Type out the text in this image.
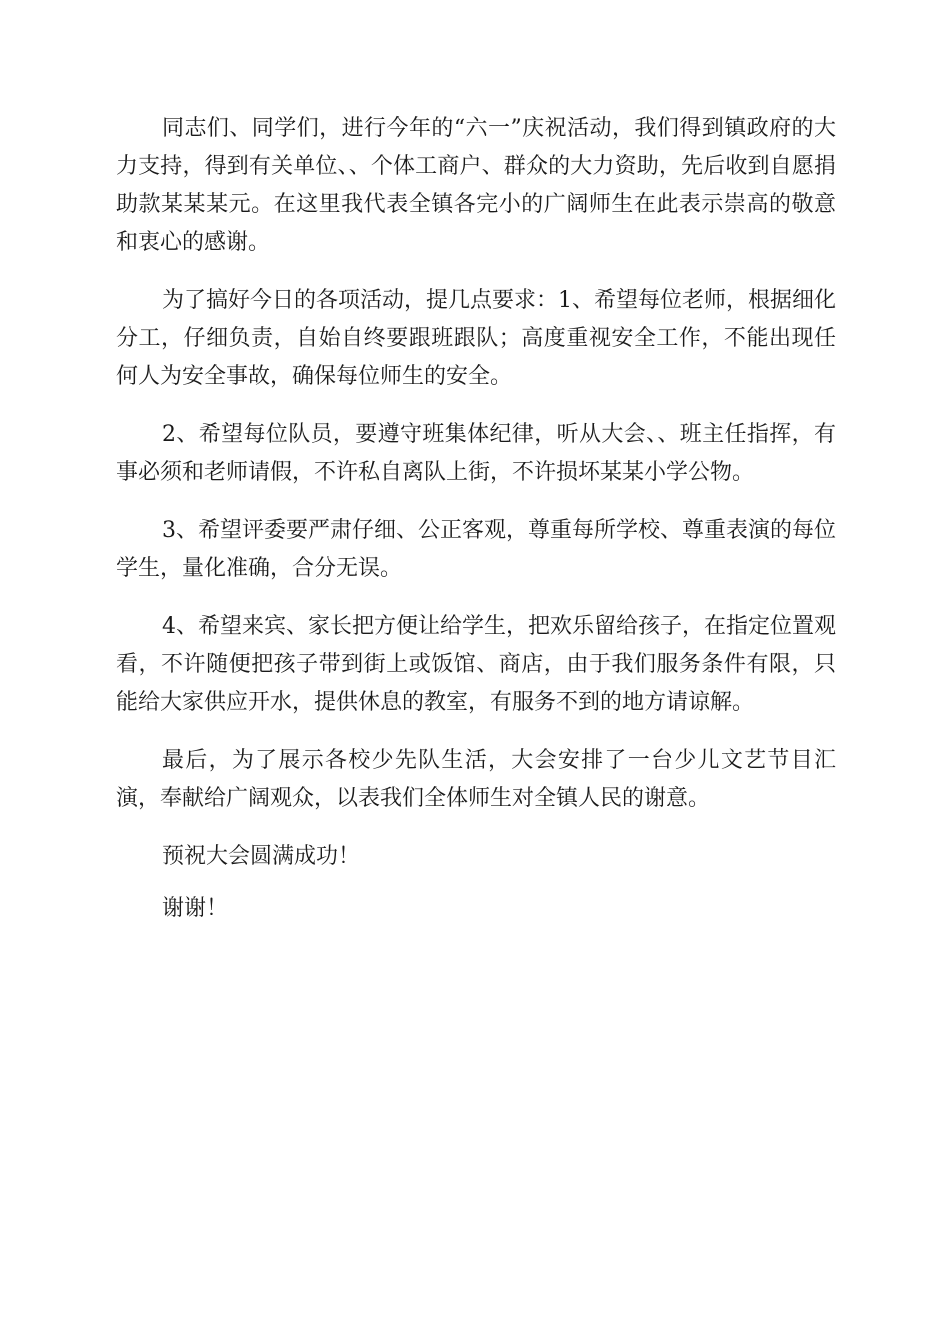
同志们、同学们，进行今年的“六一”庆祝活动，我们得到镇政府的大力支持，得到有关单位、、个体工商户、群众的大力资助，先后收到自愿捐助款某某某元。在这里我代表全镇各完小的广阔师生在此表示崇高的敬意和衷心的感谢。

为了搞好今日的各项活动，提几点要求：1、希望每位老师，根据细化分工，仔细负责，自始自终要跟班跟队；高度重视安全工作，不能出现任何人为安全事故，确保每位师生的安全。

2、希望每位队员，要遵守班集体纪律，听从大会、、班主任指挥，有事必须和老师请假，不许私自离队上街，不许损坏某某小学公物。

3、希望评委要严肃仔细、公正客观，尊重每所学校、尊重表演的每位学生，量化准确，合分无误。

4、希望来宾、家长把方便让给学生，把欢乐留给孩子，在指定位置观看，不许随便把孩子带到街上或饭馆、商店，由于我们服务条件有限，只能给大家供应开水，提供休息的教室，有服务不到的地方请谅解。

最后，为了展示各校少先队生活，大会安排了一台少儿文艺节目汇演，奉献给广阔观众，以表我们全体师生对全镇人民的谢意。

预祝大会圆满成功！

谢谢！
